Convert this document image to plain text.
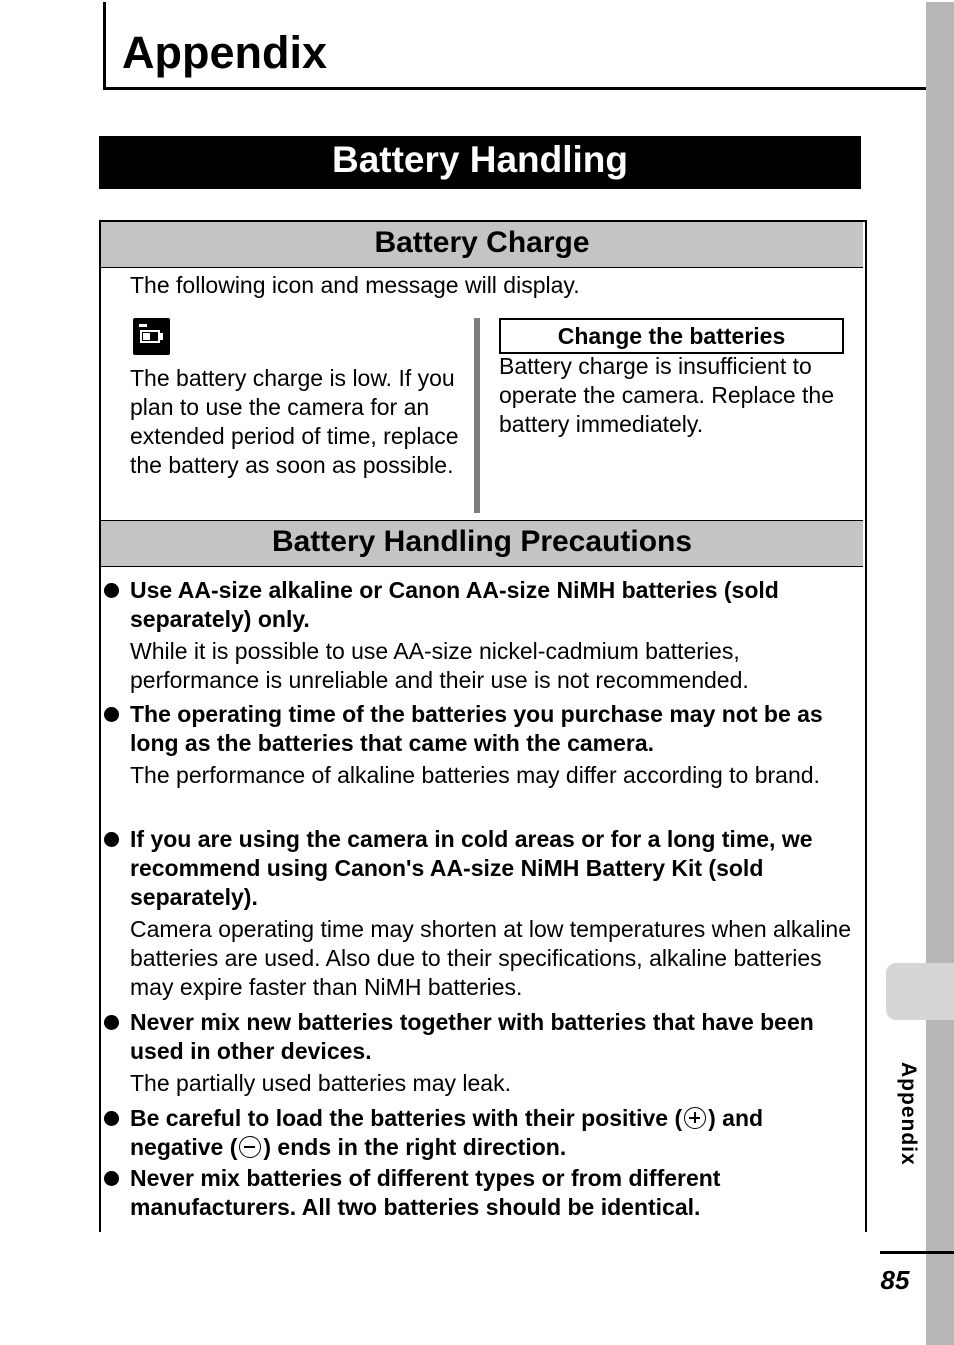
Appendix
Appendix
Battery Handling
Battery Charge
The following icon and message will display.
The battery charge is low. If you plan to use the camera for an extended period of time, replace the battery as soon as possible.
Change the batteries
Battery charge is insufficient to operate the camera. Replace the battery immediately.
Battery Handling Precautions
Use AA-size alkaline or Canon AA-size NiMH batteries (sold separately) only.
While it is possible to use AA-size nickel-cadmium batteries, performance is unreliable and their use is not recommended.
The operating time of the batteries you purchase may not be as long as the batteries that came with the camera.
The performance of alkaline batteries may differ according to brand.
If you are using the camera in cold areas or for a long time, we recommend using Canon's AA-size NiMH Battery Kit (sold separately).
Camera operating time may shorten at low temperatures when alkaline batteries are used. Also due to their specifications, alkaline batteries may expire faster than NiMH batteries.
Never mix new batteries together with batteries that have been used in other devices.
The partially used batteries may leak.
Be careful to load the batteries with their positive ( ) and negative ( ) ends in the right direction.
Never mix batteries of different types or from different manufacturers. All two batteries should be identical.
85
